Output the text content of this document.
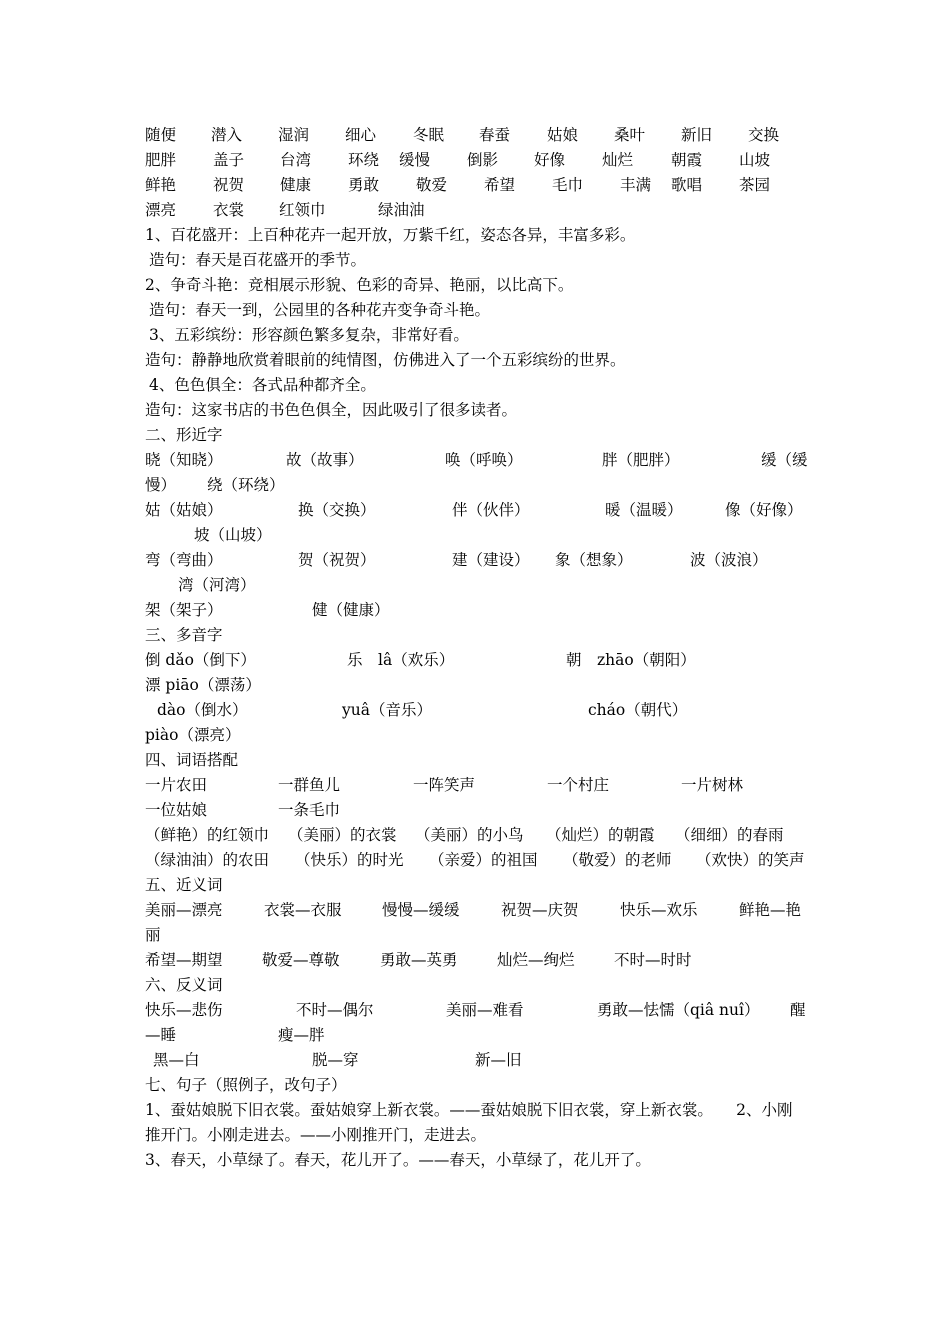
随便 潜入 湿润 细心 冬眠 春蚕 姑娘 桑叶 新旧 交换
肥胖 盖子 台湾 环绕 缓慢 倒影 好像 灿烂 朝霞 山坡
鲜艳 祝贺 健康 勇敢 敬爱 希望 毛巾 丰满 歌唱 茶园
漂亮 衣裳 红领巾	绿油油
1、百花盛开：上百种花卉一起开放，万紫千红，姿态各异，丰富多彩。
造句：春天是百花盛开的季节。
2、争奇斗艳：竞相展示形貌、色彩的奇异、艳丽，以比高下。
造句：春天一到，公园里的各种花卉变争奇斗艳。
3、五彩缤纷：形容颜色繁多复杂，非常好看。
造句：静静地欣赏着眼前的纯情图，仿佛进入了一个五彩缤纷的世界。
4、色色俱全：各式品种都齐全。
造句：这家书店的书色色俱全，因此吸引了很多读者。
二、形近字
晓（知晓）	故（故事）	唤（呼唤）	胖（肥胖）	缓（缓
慢） 绕（环绕）
姑（姑娘）	换（交换）	伴（伙伴）	暖（温暖）	像（好像）
坡（山坡）
弯（弯曲）	贺（祝贺）	建（建设） 象（想象）	波（波浪）
湾（河湾）
架（架子）	健（健康）
三、多音字
倒 dǎo（倒下）	乐　lâ（欢乐）	朝　zhāo（朝阳）
漂 piāo（漂荡）
dào（倒水）	yuâ（音乐）	cháo（朝代）
piào（漂亮）
四、词语搭配
一片农田	一群鱼儿	一阵笑声	一个村庄	一片树林
一位姑娘	一条毛巾
（鲜艳）的红领巾 （美丽）的衣裳 （美丽）的小鸟 （灿烂）的朝霞 （细细）的春雨
（绿油油）的农田 （快乐）的时光 （亲爱）的祖国 （敬爱）的老师 （欢快）的笑声
五、近义词
美丽—漂亮	衣裳—衣服	慢慢—缓缓	祝贺—庆贺	快乐—欢乐	鲜艳—艳
丽
希望—期望	敬爱—尊敬	勇敢—英勇	灿烂—绚烂	不时—时时
六、反义词
快乐—悲伤	不时—偶尔	美丽—难看	勇敢—怯懦（qiâ nuî） 醒
—睡	瘦—胖
黑—白	脱—穿	新—旧
七、句子（照例子，改句子）
1、蚕姑娘脱下旧衣裳。蚕姑娘穿上新衣裳。——蚕姑娘脱下旧衣裳，穿上新衣裳。　　2、小刚
推开门。小刚走进去。——小刚推开门，走进去。
3、春天，小草绿了。春天，花儿开了。——春天，小草绿了，花儿开了。
